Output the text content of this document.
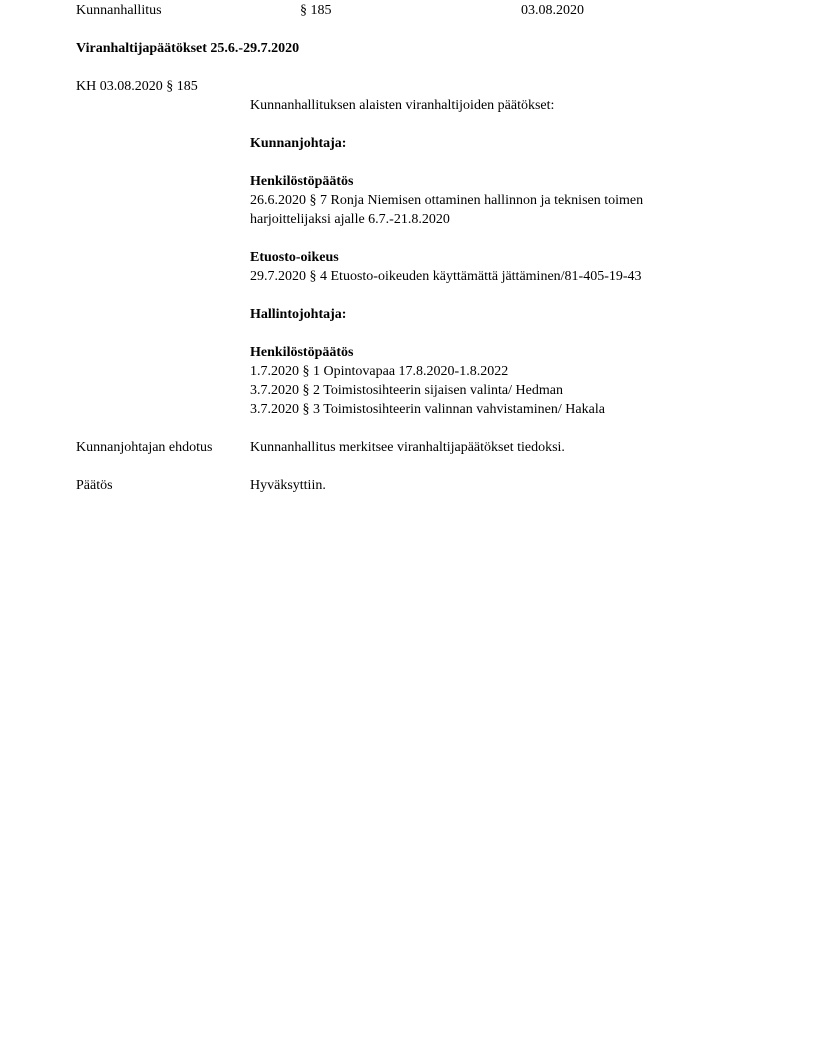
Kunnanhallitus	§ 185	03.08.2020
Viranhaltijapäätökset 25.6.-29.7.2020
KH 03.08.2020 § 185
Kunnanhallituksen alaisten viranhaltijoiden päätökset:

Kunnanjohtaja:

Henkilöstöpäätös
26.6.2020 § 7 Ronja Niemisen ottaminen hallinnon ja teknisen toimen
harjoittelijaksi ajalle 6.7.-21.8.2020

Etuosto-oikeus
29.7.2020 § 4 Etuosto-oikeuden käyttämättä jättäminen/81-405-19-43

Hallintojohtaja:

Henkilöstöpäätös
1.7.2020 § 1 Opintovapaa 17.8.2020-1.8.2022
3.7.2020 § 2 Toimistosihteerin sijaisen valinta/ Hedman
3.7.2020 § 3 Toimistosihteerin valinnan vahvistaminen/ Hakala
Kunnanjohtajan ehdotus	Kunnanhallitus merkitsee viranhaltijapäätökset tiedoksi.
Päätös	Hyväksyttiin.
